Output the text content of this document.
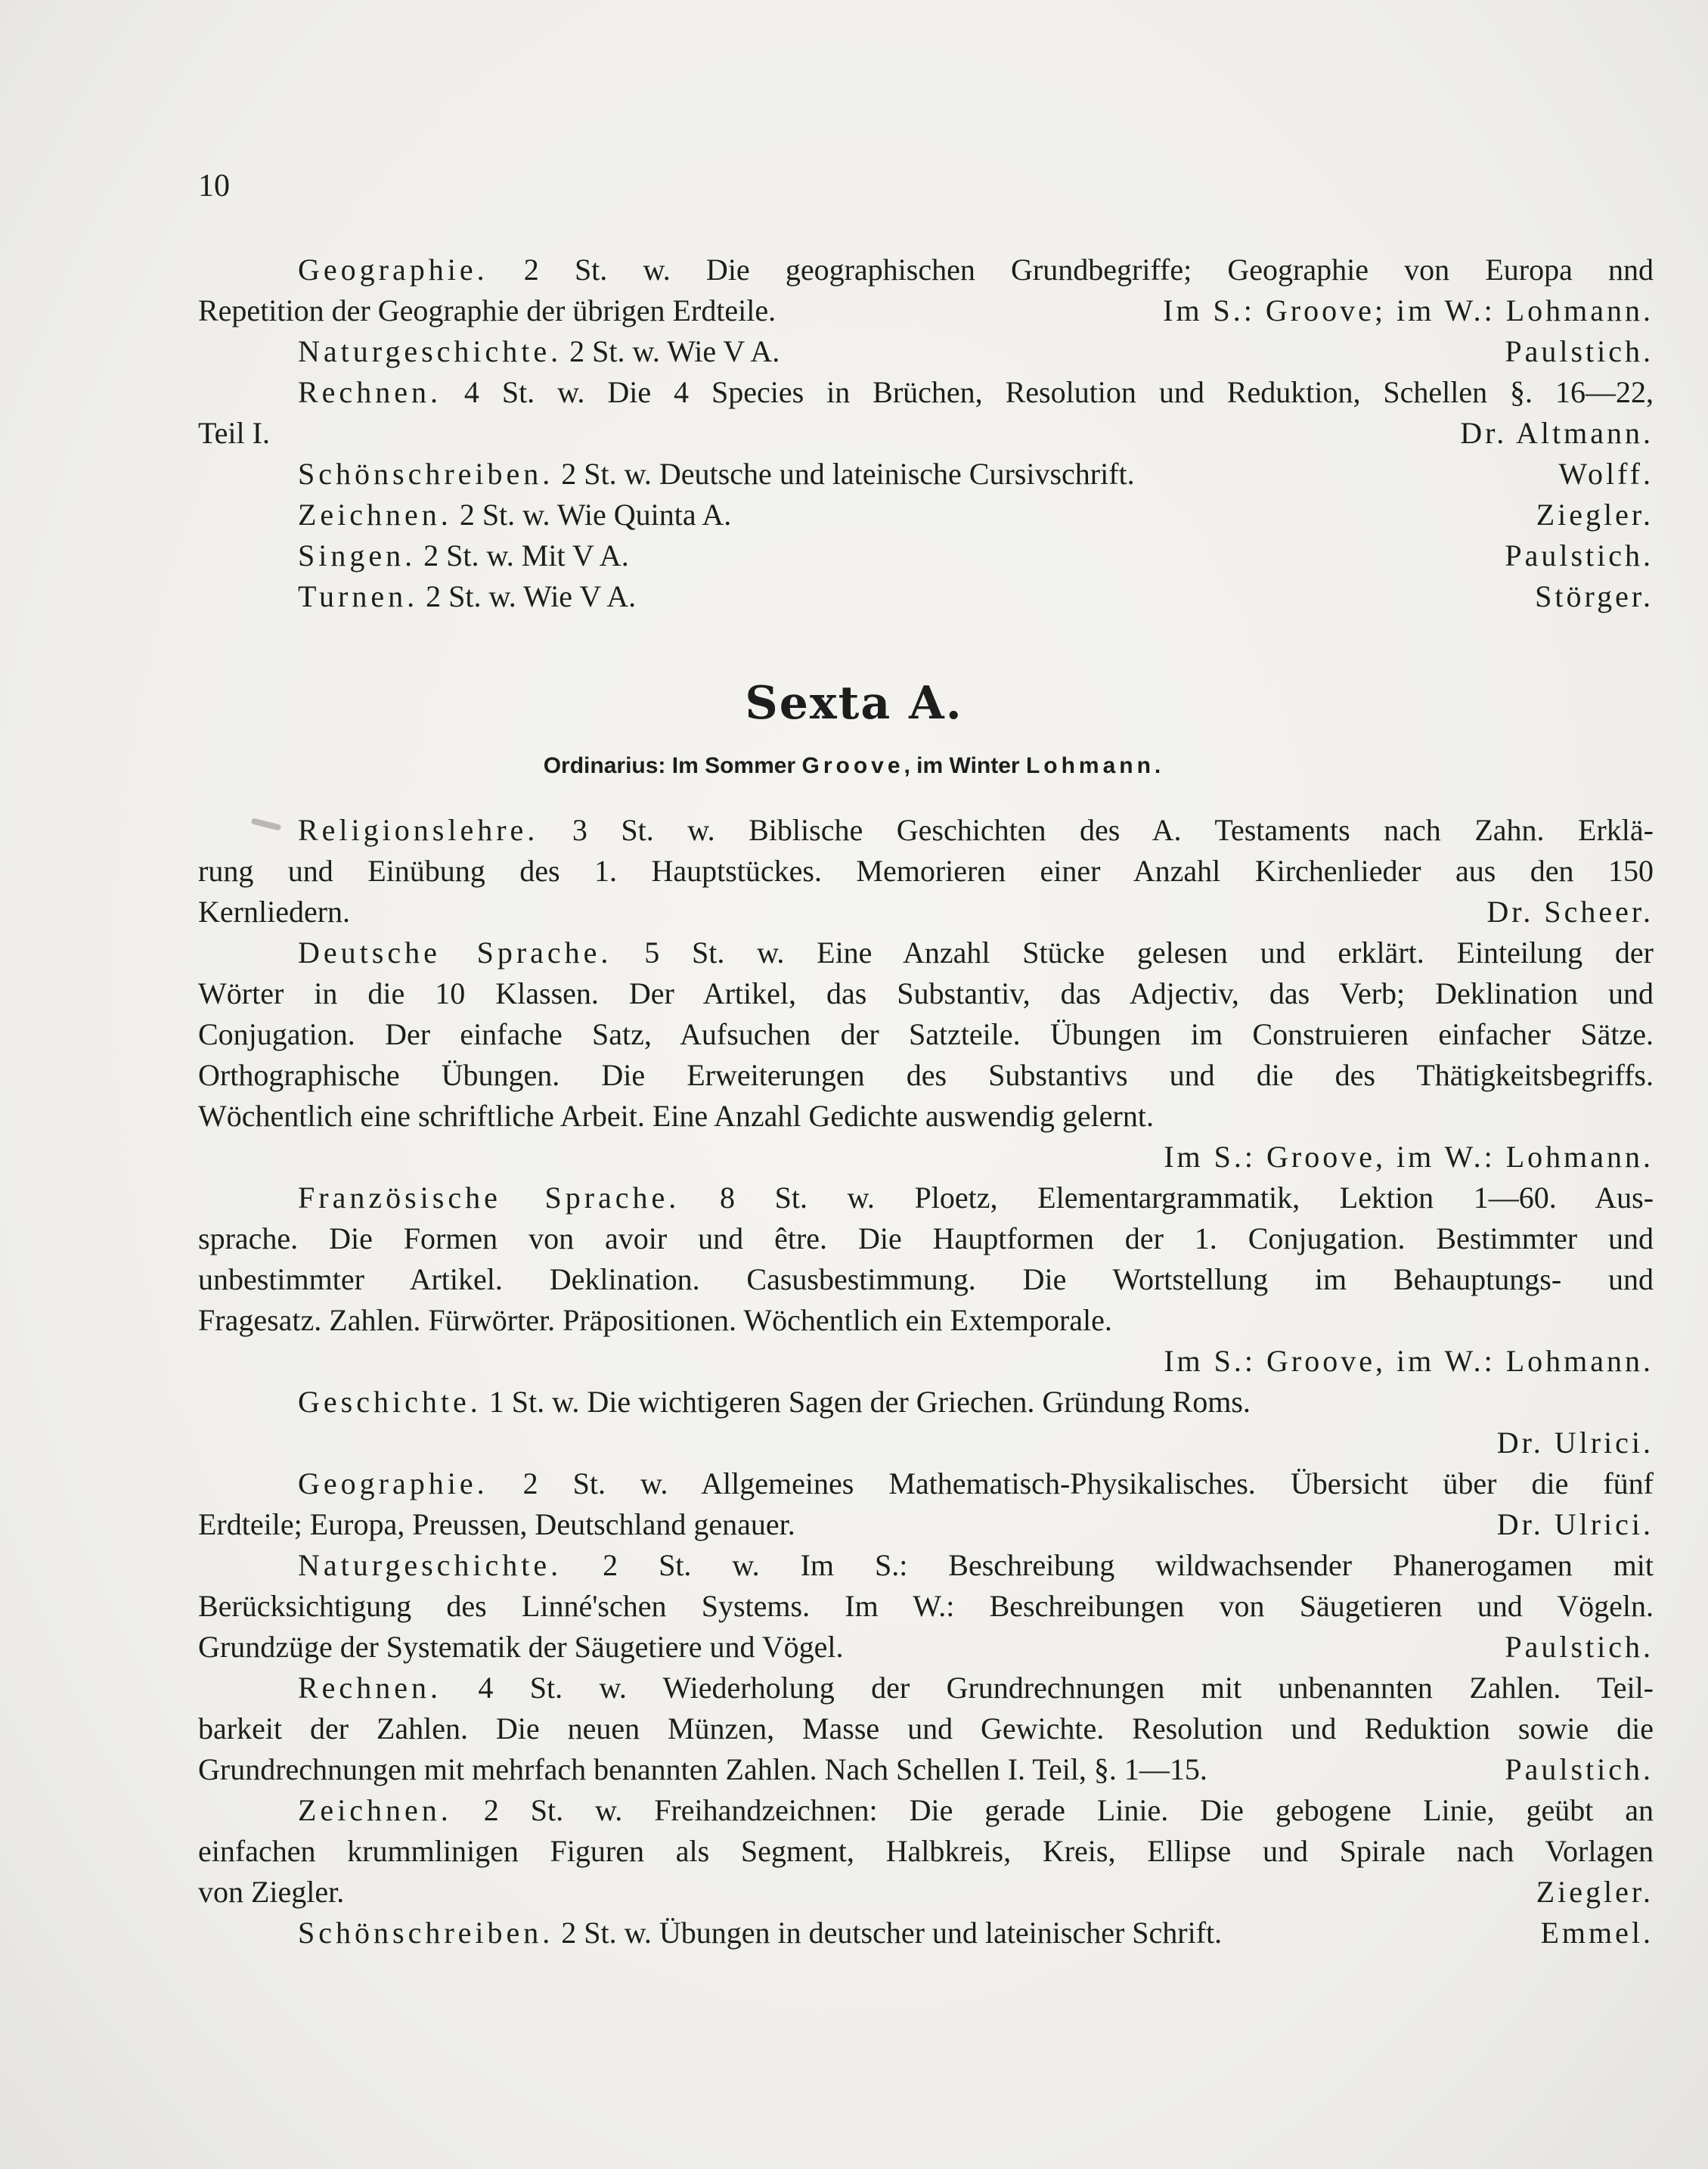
10
Geographie. 2 St. w. Die geographischen Grundbegriffe; Geographie von Europa nnd
Repetition der Geographie der übrigen Erdteile.	Im S.: Groove; im W.: Lohmann.
Naturgeschichte. 2 St. w. Wie V A.	Paulstich.
Rechnen. 4 St. w. Die 4 Species in Brüchen, Resolution und Reduktion, Schellen §. 16—22,
Teil I.	Dr. Altmann.
Schönschreiben. 2 St. w. Deutsche und lateinische Cursivschrift.	Wolff.
Zeichnen. 2 St. w. Wie Quinta A.	Ziegler.
Singen. 2 St. w. Mit V A.	Paulstich.
Turnen. 2 St. w. Wie V A.	Störger.
Sexta A.
Ordinarius: Im Sommer Groove, im Winter Lohmann.
Religionslehre. 3 St. w. Biblische Geschichten des A. Testaments nach Zahn. Erklä-
rung und Einübung des 1. Hauptstückes. Memorieren einer Anzahl Kirchenlieder aus den 150
Kernliedern.	Dr. Scheer.
Deutsche Sprache. 5 St. w. Eine Anzahl Stücke gelesen und erklärt. Einteilung der
Wörter in die 10 Klassen. Der Artikel, das Substantiv, das Adjectiv, das Verb; Deklination und
Conjugation. Der einfache Satz, Aufsuchen der Satzteile. Übungen im Construieren einfacher Sätze.
Orthographische Übungen. Die Erweiterungen des Substantivs und die des Thätigkeitsbegriffs.
Wöchentlich eine schriftliche Arbeit. Eine Anzahl Gedichte auswendig gelernt.
Im S.: Groove, im W.: Lohmann.
Französische Sprache. 8 St. w. Ploetz, Elementargrammatik, Lektion 1—60. Aus-
sprache. Die Formen von avoir und être. Die Hauptformen der 1. Conjugation. Bestimmter und
unbestimmter Artikel. Deklination. Casusbestimmung. Die Wortstellung im Behauptungs- und
Fragesatz. Zahlen. Fürwörter. Präpositionen. Wöchentlich ein Extemporale.
Im S.: Groove, im W.: Lohmann.
Geschichte. 1 St. w. Die wichtigeren Sagen der Griechen. Gründung Roms.
Dr. Ulrici.
Geographie. 2 St. w. Allgemeines Mathematisch-Physikalisches. Übersicht über die fünf
Erdteile; Europa, Preussen, Deutschland genauer.	Dr. Ulrici.
Naturgeschichte. 2 St. w. Im S.: Beschreibung wildwachsender Phanerogamen mit
Berücksichtigung des Linné'schen Systems. Im W.: Beschreibungen von Säugetieren und Vögeln.
Grundzüge der Systematik der Säugetiere und Vögel.	Paulstich.
Rechnen. 4 St. w. Wiederholung der Grundrechnungen mit unbenannten Zahlen. Teil-
barkeit der Zahlen. Die neuen Münzen, Masse und Gewichte. Resolution und Reduktion sowie die
Grundrechnungen mit mehrfach benannten Zahlen. Nach Schellen I. Teil, §. 1—15.	Paulstich.
Zeichnen. 2 St. w. Freihandzeichnen: Die gerade Linie. Die gebogene Linie, geübt an
einfachen krummlinigen Figuren als Segment, Halbkreis, Kreis, Ellipse und Spirale nach Vorlagen
von Ziegler.	Ziegler.
Schönschreiben. 2 St. w. Übungen in deutscher und lateinischer Schrift.	Emmel.
